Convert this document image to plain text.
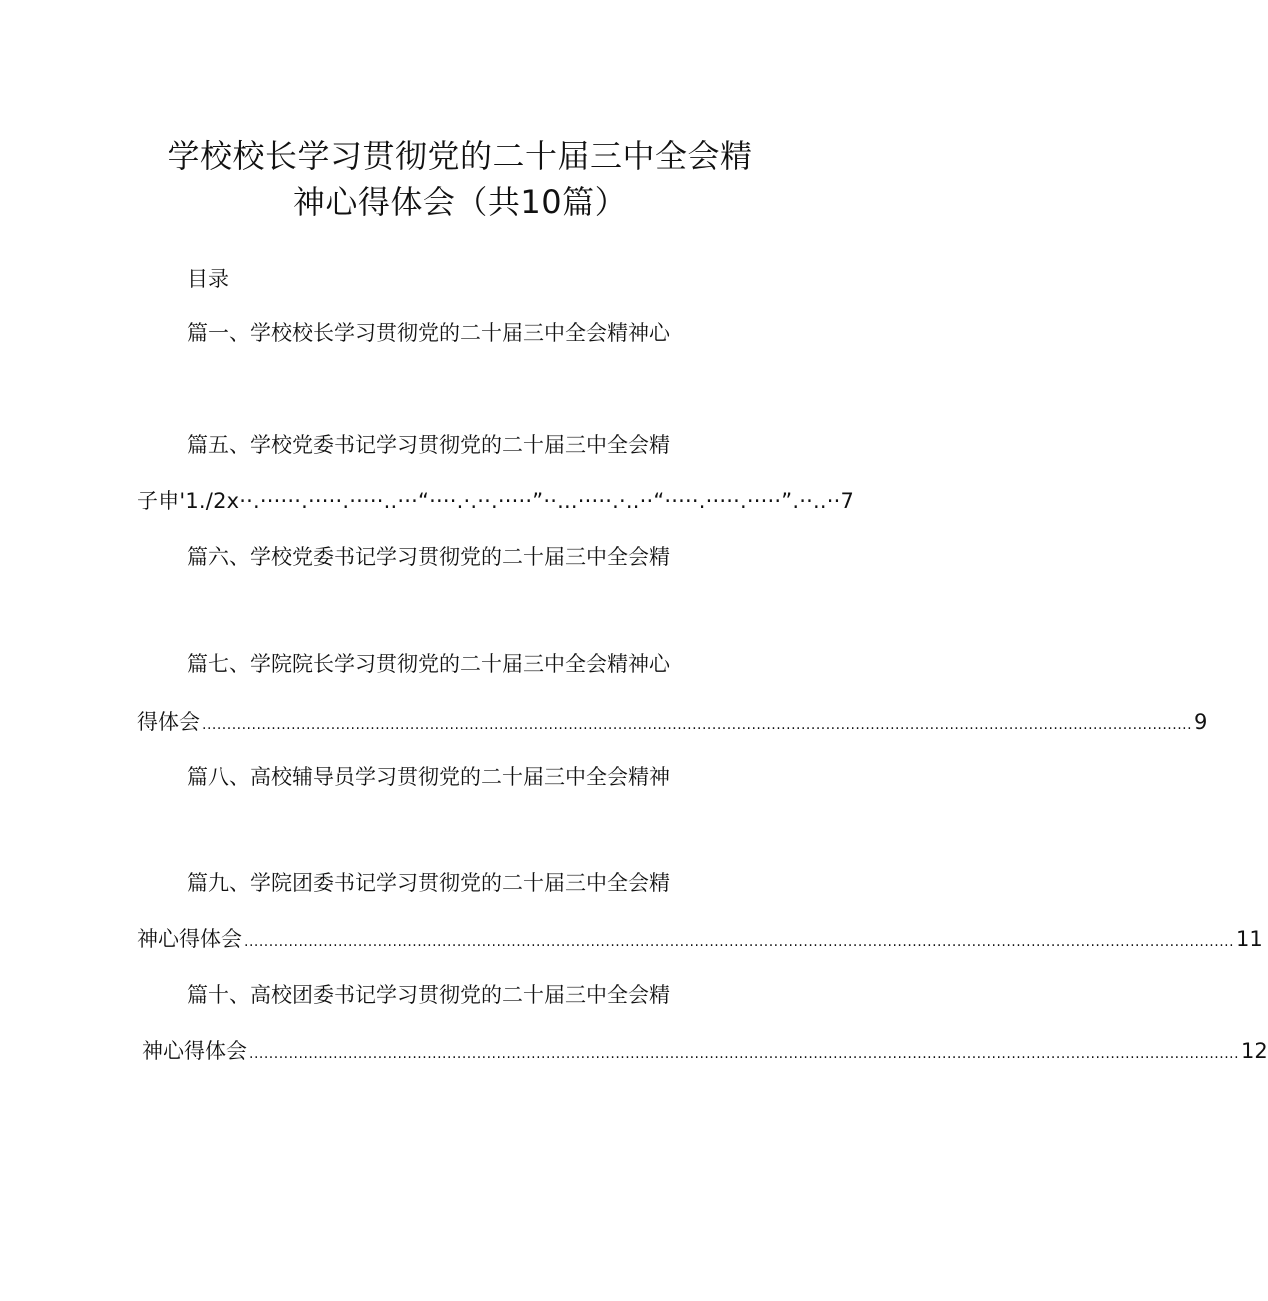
学校校长学习贯彻党的二十届三中全会精
神心得体会（共10篇）
目录
篇一、学校校长学习贯彻党的二十届三中全会精神心
篇五、学校党委书记学习贯彻党的二十届三中全会精
子申'1./2x··.······.·····.·····..···“····.·.··.·····”··...·····.·..··“·····.·····.·····”.··..··7
篇六、学校党委书记学习贯彻党的二十届三中全会精
篇七、学院院长学习贯彻党的二十届三中全会精神心
得体会 ........................................................................................................................................................................................................ 9
篇八、高校辅导员学习贯彻党的二十届三中全会精神
篇九、学院团委书记学习贯彻党的二十届三中全会精
神心得体会 ........................................................................................................................................................................................................ 11
篇十、高校团委书记学习贯彻党的二十届三中全会精
神心得体会 ........................................................................................................................................................................................................ 12
